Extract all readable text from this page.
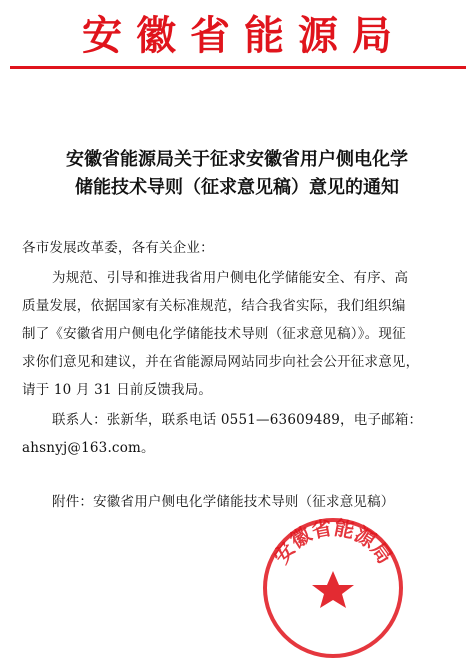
安徽省能源局
安徽省能源局关于征求安徽省用户侧电化学
储能技术导则（征求意见稿）意见的通知
各市发展改革委，各有关企业：
为规范、引导和推进我省用户侧电化学储能安全、有序、高
质量发展，依据国家有关标准规范，结合我省实际，我们组织编
制了《安徽省用户侧电化学储能技术导则（征求意见稿）》。现征
求你们意见和建议，并在省能源局网站同步向社会公开征求意见，
请于 10 月 31 日前反馈我局。
联系人：张新华，联系电话 0551—63609489，电子邮箱：
ahsnyj@163.com。
附件：安徽省用户侧电化学储能技术导则（征求意见稿）
安徽省能源局
